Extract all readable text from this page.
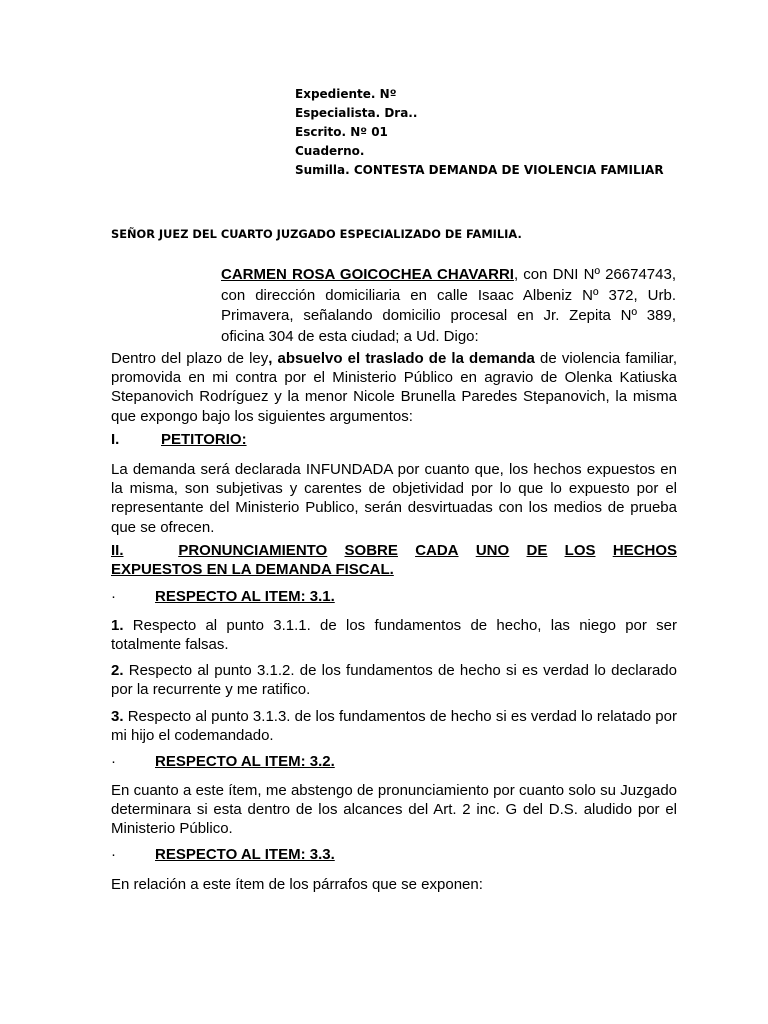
Expediente. Nº
Especialista. Dra..
Escrito. Nº 01
Cuaderno.
Sumilla. CONTESTA DEMANDA DE VIOLENCIA FAMILIAR
SEÑOR JUEZ DEL CUARTO JUZGADO ESPECIALIZADO DE FAMILIA.
CARMEN ROSA GOICOCHEA CHAVARRI, con DNI Nº 26674743, con dirección domiciliaria en calle Isaac Albeniz Nº 372, Urb. Primavera, señalando domicilio procesal en Jr. Zepita Nº 389, oficina 304 de esta ciudad; a Ud. Digo:
Dentro del plazo de ley, absuelvo el traslado de la demanda de violencia familiar, promovida en mi contra por el Ministerio Público en agravio de Olenka Katiuska Stepanovich Rodríguez y la menor Nicole Brunella Paredes Stepanovich, la misma que expongo bajo los siguientes argumentos:
I.	PETITORIO:
La demanda será declarada INFUNDADA por cuanto que, los hechos expuestos en la misma, son subjetivas y carentes de objetividad por lo que lo expuesto por el representante del Ministerio Publico, serán desvirtuadas con los medios de prueba que se ofrecen.
II.	PRONUNCIAMIENTO SOBRE CADA UNO DE LOS HECHOS
EXPUESTOS EN LA DEMANDA FISCAL.
·	RESPECTO AL ITEM: 3.1.
1. Respecto al punto 3.1.1. de los fundamentos de hecho, las niego por ser totalmente falsas.
2. Respecto al punto 3.1.2. de los fundamentos de hecho si es verdad lo declarado por la recurrente y me ratifico.
3. Respecto al punto 3.1.3. de los fundamentos de hecho si es verdad lo relatado por mi hijo el codemandado.
·	RESPECTO AL ITEM: 3.2.
En cuanto a este ítem, me abstengo de pronunciamiento por cuanto solo su Juzgado determinara si esta dentro de los alcances del Art. 2 inc. G del D.S. aludido por el Ministerio Público.
·	RESPECTO AL ITEM: 3.3.
En relación a este ítem de los párrafos que se exponen:
